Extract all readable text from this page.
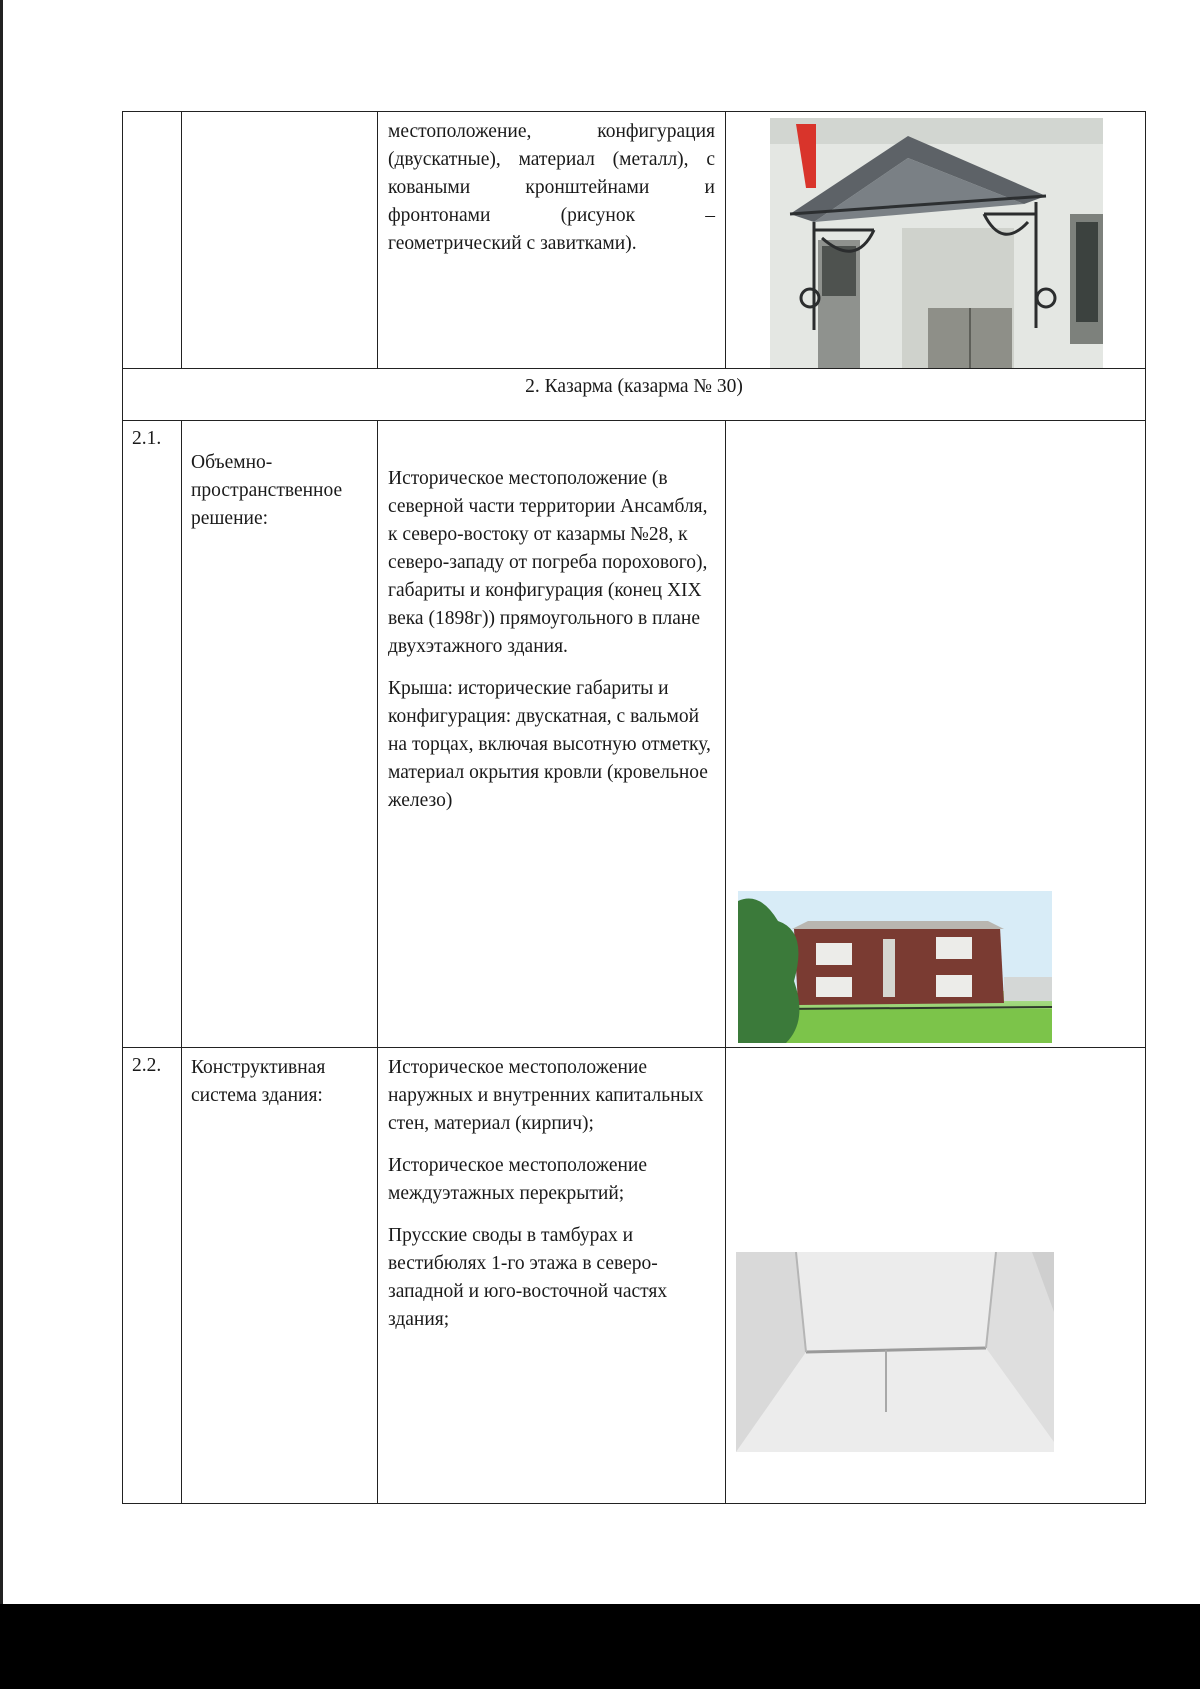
		местоположение, конфигурация (двускатные), материал (металл), с коваными кронштейнами и фронтонами (рисунок – геометрический с завитками).	

2. Казарма (казарма № 30)			
2.1.	Объемно-пространственное решение:	Историческое местоположение (в северной части территории Ансамбля, к северо-востоку от казармы №28, к северо-западу от погреба порохового), габариты и конфигурация (конец XIX века (1898г)) прямоугольного в плане двухэтажного здания.

Крыша: исторические габариты и конфигурация: двускатная, с вальмой на торцах, включая высотную отметку, материал окрытия кровли (кровельное железо)

2.2.	Конструктивная система здания:	Историческое местоположение наружных и внутренних капитальных стен, материал (кирпич);

Историческое местоположение междуэтажных перекрытий;

Прусские своды в тамбурах и вестибюлях 1-го этажа в северо-западной и юго-восточной частях здания;
